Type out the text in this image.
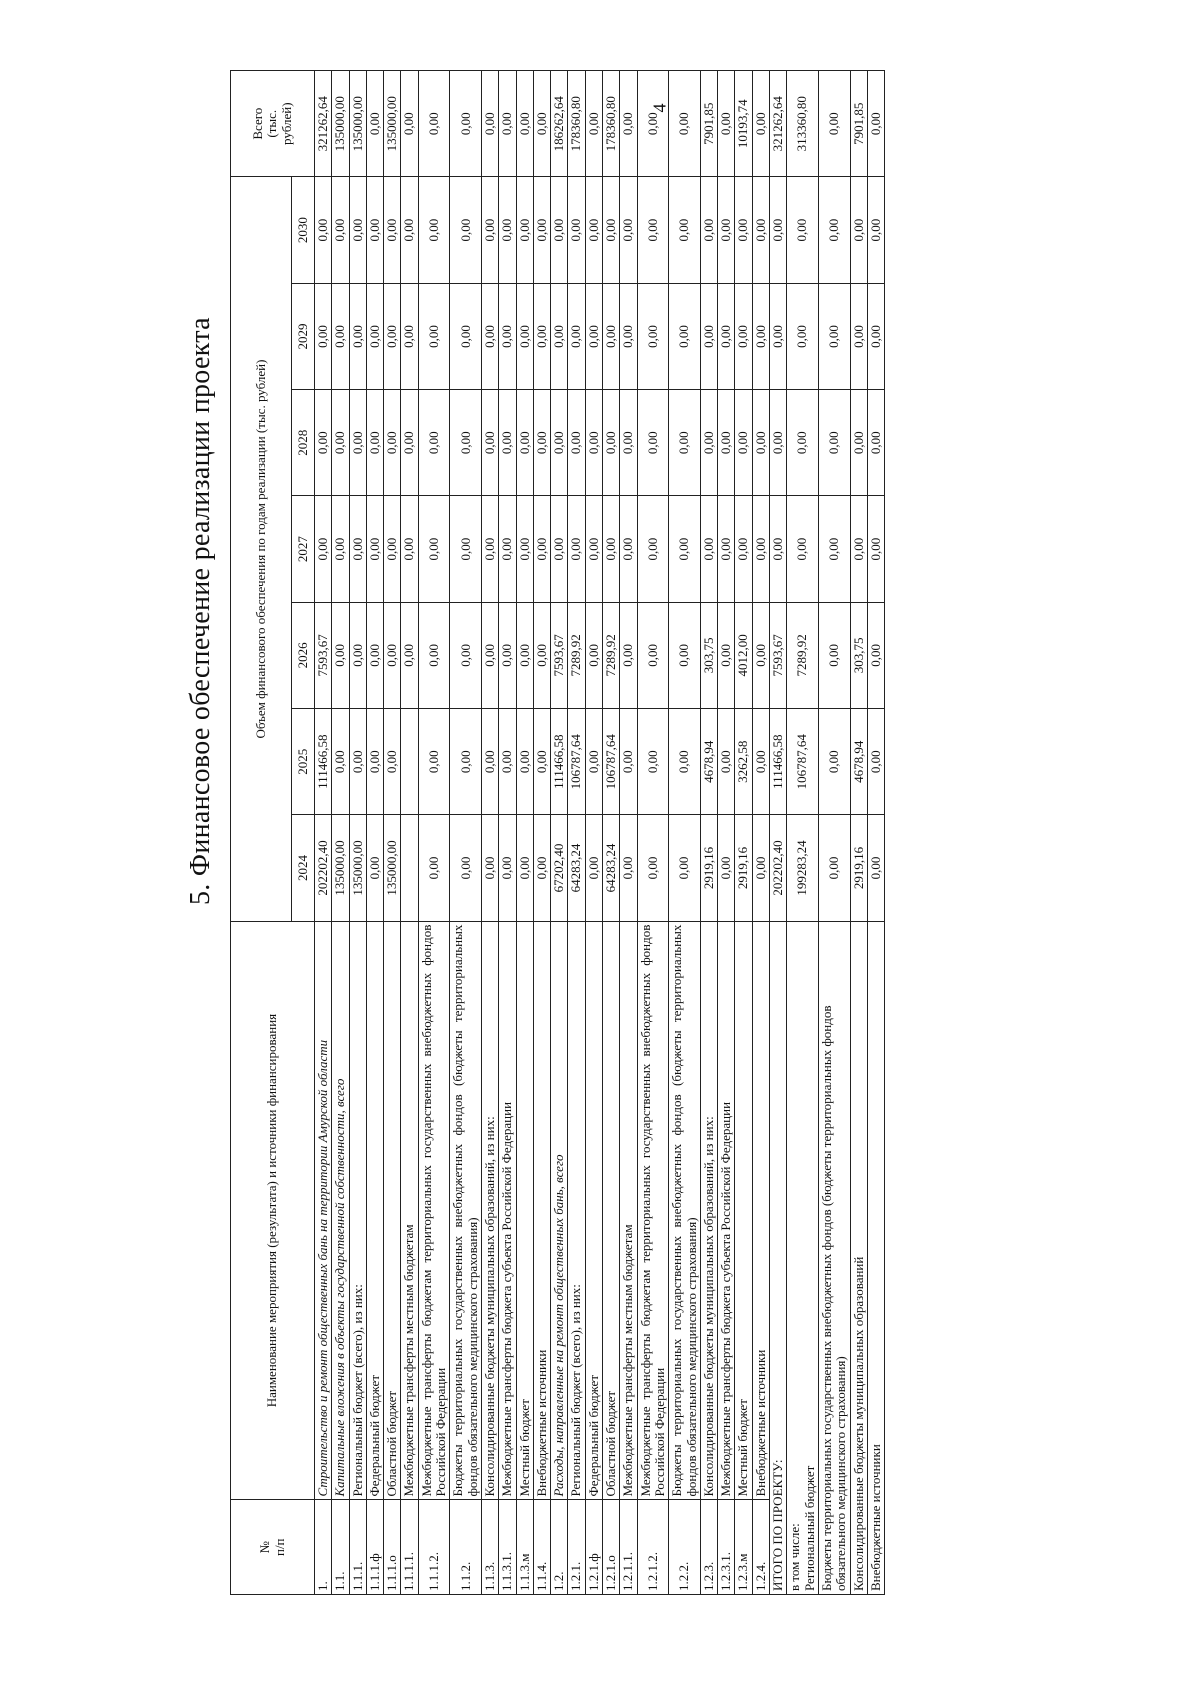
4
5. Финансовое обеспечение реализации проекта
№
п/п	Наименование мероприятия (результата) и источники финансирования	Объем финансового обеспечения по годам реализации (тыс. рублей)							Всего
(тыс.
рублей)
		2024	2025	2026	2027	2028	2029	2030	
1.	Строительство и ремонт общественных бань на территории Амурской области	202202,40	111466,58	7593,67	0,00	0,00	0,00	0,00	321262,64
1.1.	Капитальные вложения в объекты государственной собственности, всего	135000,00	0,00	0,00	0,00	0,00	0,00	0,00	135000,00
1.1.1.	Региональный бюджет (всего), из них:	135000,00	0,00	0,00	0,00	0,00	0,00	0,00	135000,00
1.1.1.ф	Федеральный бюджет	0,00	0,00	0,00	0,00	0,00	0,00	0,00	0,00
1.1.1.о	Областной бюджет	135000,00	0,00	0,00	0,00	0,00	0,00	0,00	135000,00
1.1.1.1.	Межбюджетные трансферты местным бюджетам			0,00	0,00	0,00	0,00	0,00	0,00
1.1.1.2.	Межбюджетные трансферты бюджетам территориальных государственных внебюджетных фондов Российской Федерации	0,00	0,00	0,00	0,00	0,00	0,00	0,00	0,00
1.1.2.	Бюджеты территориальных государственных внебюджетных фондов (бюджеты территориальных фондов обязательного медицинского страхования)	0,00	0,00	0,00	0,00	0,00	0,00	0,00	0,00
1.1.3.	Консолидированные бюджеты муниципальных образований, из них:	0,00	0,00	0,00	0,00	0,00	0,00	0,00	0,00
1.1.3.1.	Межбюджетные трансферты бюджета субъекта Российской Федерации	0,00	0,00	0,00	0,00	0,00	0,00	0,00	0,00
1.1.3.м	Местный бюджет	0,00	0,00	0,00	0,00	0,00	0,00	0,00	0,00
1.1.4.	Внебюджетные источники	0,00	0,00	0,00	0,00	0,00	0,00	0,00	0,00
1.2.	Расходы, направленные на ремонт общественных бань, всего	67202,40	111466,58	7593,67	0,00	0,00	0,00	0,00	186262,64
1.2.1.	Региональный бюджет (всего), из них:	64283,24	106787,64	7289,92	0,00	0,00	0,00	0,00	178360,80
1.2.1.ф	Федеральный бюджет	0,00	0,00	0,00	0,00	0,00	0,00	0,00	0,00
1.2.1.о	Областной бюджет	64283,24	106787,64	7289,92	0,00	0,00	0,00	0,00	178360,80
1.2.1.1.	Межбюджетные трансферты местным бюджетам	0,00	0,00	0,00	0,00	0,00	0,00	0,00	0,00
1.2.1.2.	Межбюджетные трансферты бюджетам территориальных государственных внебюджетных фондов Российской Федерации	0,00	0,00	0,00	0,00	0,00	0,00	0,00	0,00
1.2.2.	Бюджеты территориальных государственных внебюджетных фондов (бюджеты территориальных фондов обязательного медицинского страхования)	0,00	0,00	0,00	0,00	0,00	0,00	0,00	0,00
1.2.3.	Консолидированные бюджеты муниципальных образований, из них:	2919,16	4678,94	303,75	0,00	0,00	0,00	0,00	7901,85
1.2.3.1.	Межбюджетные трансферты бюджета субъекта Российской Федерации	0,00	0,00	0,00	0,00	0,00	0,00	0,00	0,00
1.2.3.м	Местный бюджет	2919,16	3262,58	4012,00	0,00	0,00	0,00	0,00	10193,74
1.2.4.	Внебюджетные источники	0,00	0,00	0,00	0,00	0,00	0,00	0,00	0,00
ИТОГО ПО ПРОЕКТУ:		202202,40	111466,58	7593,67	0,00	0,00	0,00	0,00	321262,64
в том числе:
Региональный бюджет		199283,24	106787,64	7289,92	0,00	0,00	0,00	0,00	313360,80
Бюджеты территориальных государственных внебюджетных фондов (бюджеты территориальных фондов обязательного медицинского страхования)		0,00	0,00	0,00	0,00	0,00	0,00	0,00	0,00
Консолидированные бюджеты муниципальных образований		2919,16	4678,94	303,75	0,00	0,00	0,00	0,00	7901,85
Внебюджетные источники		0,00	0,00	0,00	0,00	0,00	0,00	0,00	0,00
